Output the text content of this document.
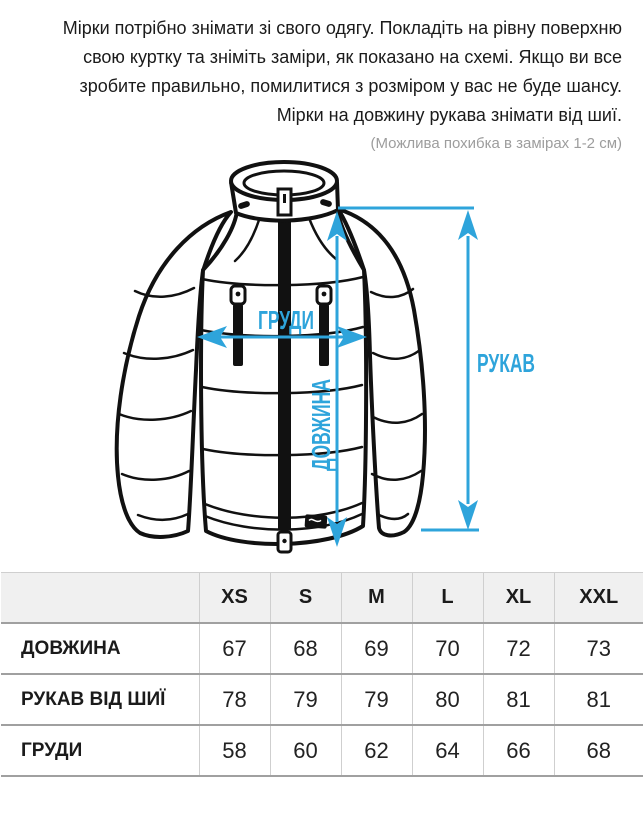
Мірки потрібно знімати зі свого одягу. Покладіть на рівну поверхню
свою куртку та зніміть заміри, як показано на схемі. Якщо ви все
зробите правильно, помилитися з розміром у вас не буде шансу.
Мірки на довжину рукава знімати від шиї.
(Можлива похибка в замірах 1-2 см)
ГРУДИ
ДОВЖИНА	РУКАВ
	XS	S	M	L	XL	XXL
ДОВЖИНА	67	68	69	70	72	73
РУКАВ ВІД ШИЇ	78	79	79	80	81	81
ГРУДИ	58	60	62	64	66	68
